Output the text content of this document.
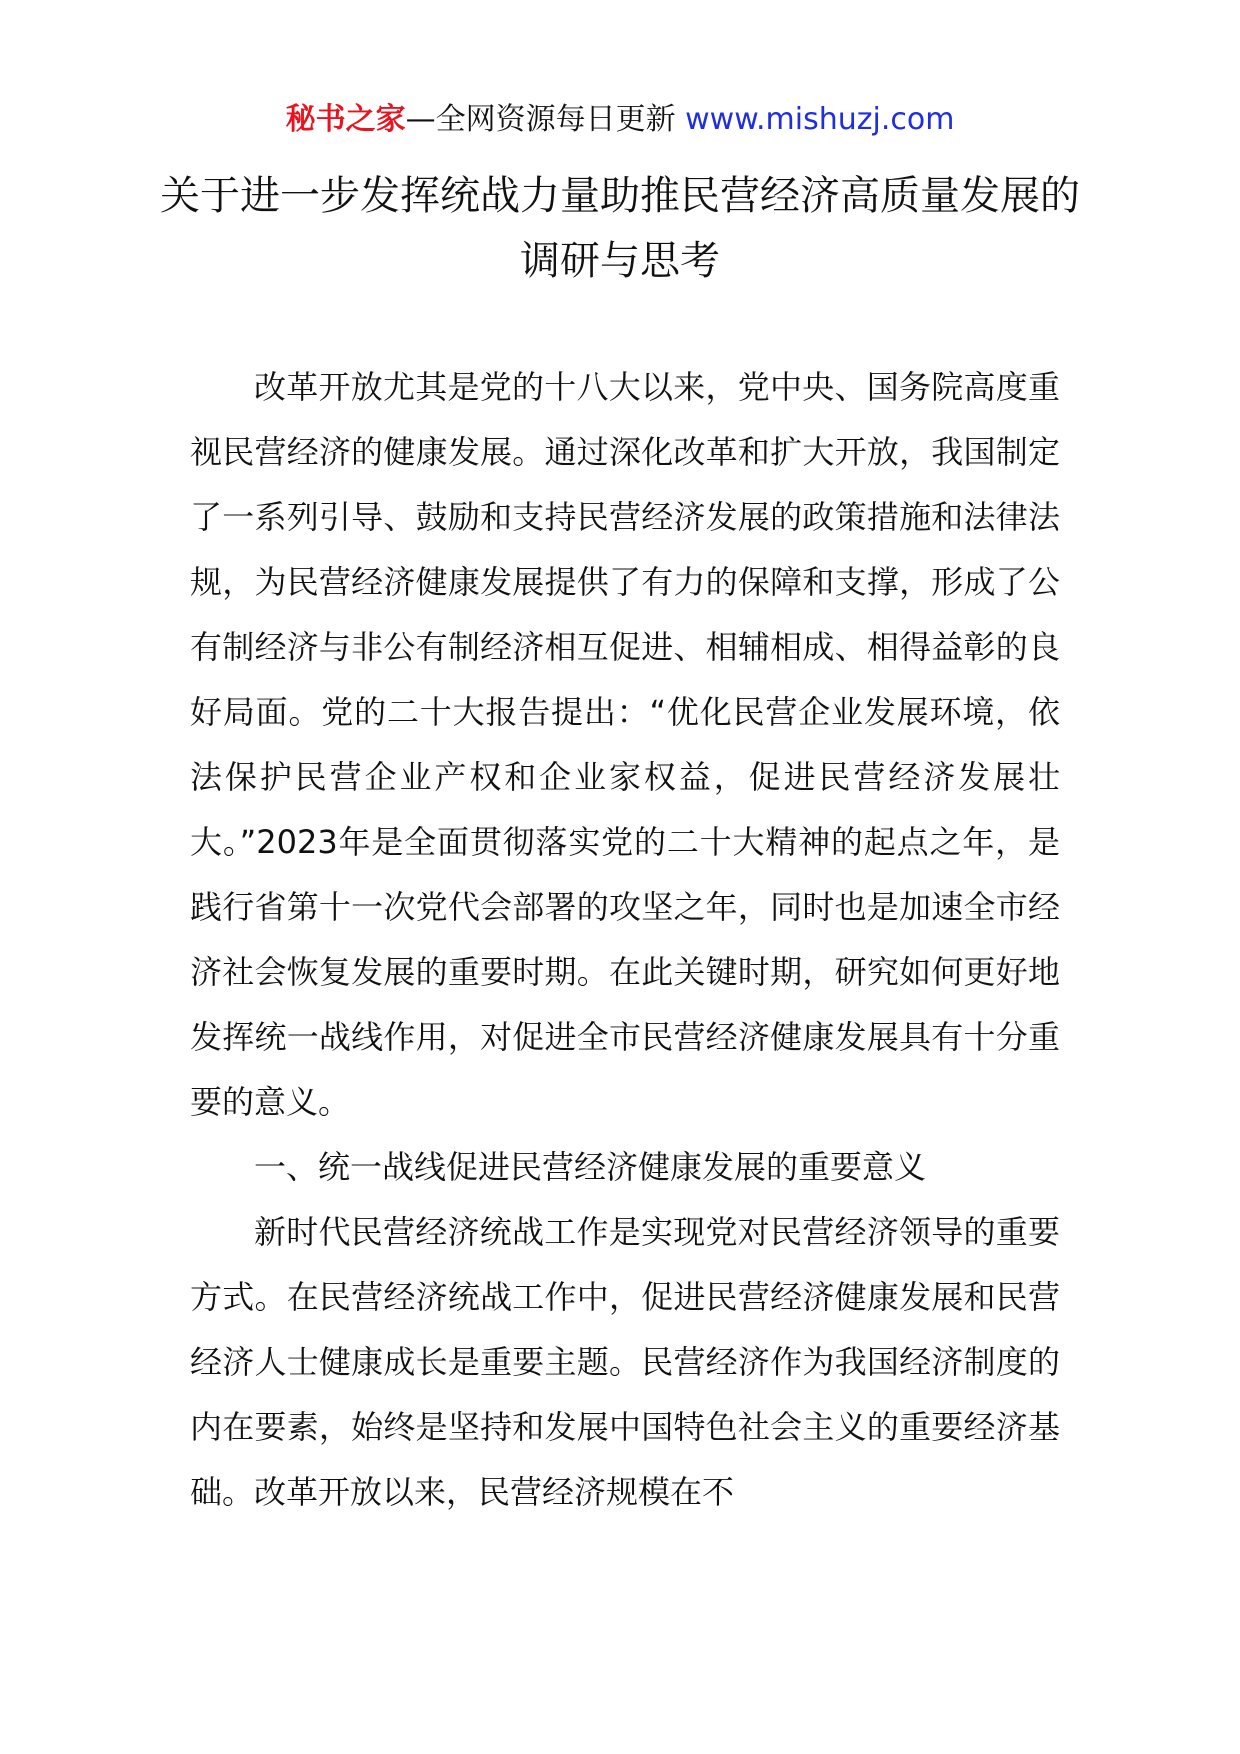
秘书之家—全网资源每日更新 www.mishuzj.com
关于进一步发挥统战力量助推民营经济高质量发展的调研与思考

改革开放尤其是党的十八大以来，党中央、国务院高度重视民营经济的健康发展。通过深化改革和扩大开放，我国制定了一系列引导、鼓励和支持民营经济发展的政策措施和法律法规，为民营经济健康发展提供了有力的保障和支撑，形成了公有制经济与非公有制经济相互促进、相辅相成、相得益彰的良好局面。党的二十大报告提出：“优化民营企业发展环境，依法保护民营企业产权和企业家权益，促进民营经济发展壮大。”2023年是全面贯彻落实党的二十大精神的起点之年，是践行省第十一次党代会部署的攻坚之年，同时也是加速全市经济社会恢复发展的重要时期。在此关键时期，研究如何更好地发挥统一战线作用，对促进全市民营经济健康发展具有十分重要的意义。

一、统一战线促进民营经济健康发展的重要意义

新时代民营经济统战工作是实现党对民营经济领导的重要方式。在民营经济统战工作中，促进民营经济健康发展和民营经济人士健康成长是重要主题。民营经济作为我国经济制度的内在要素，始终是坚持和发展中国特色社会主义的重要经济基础。改革开放以来，民营经济规模在不
